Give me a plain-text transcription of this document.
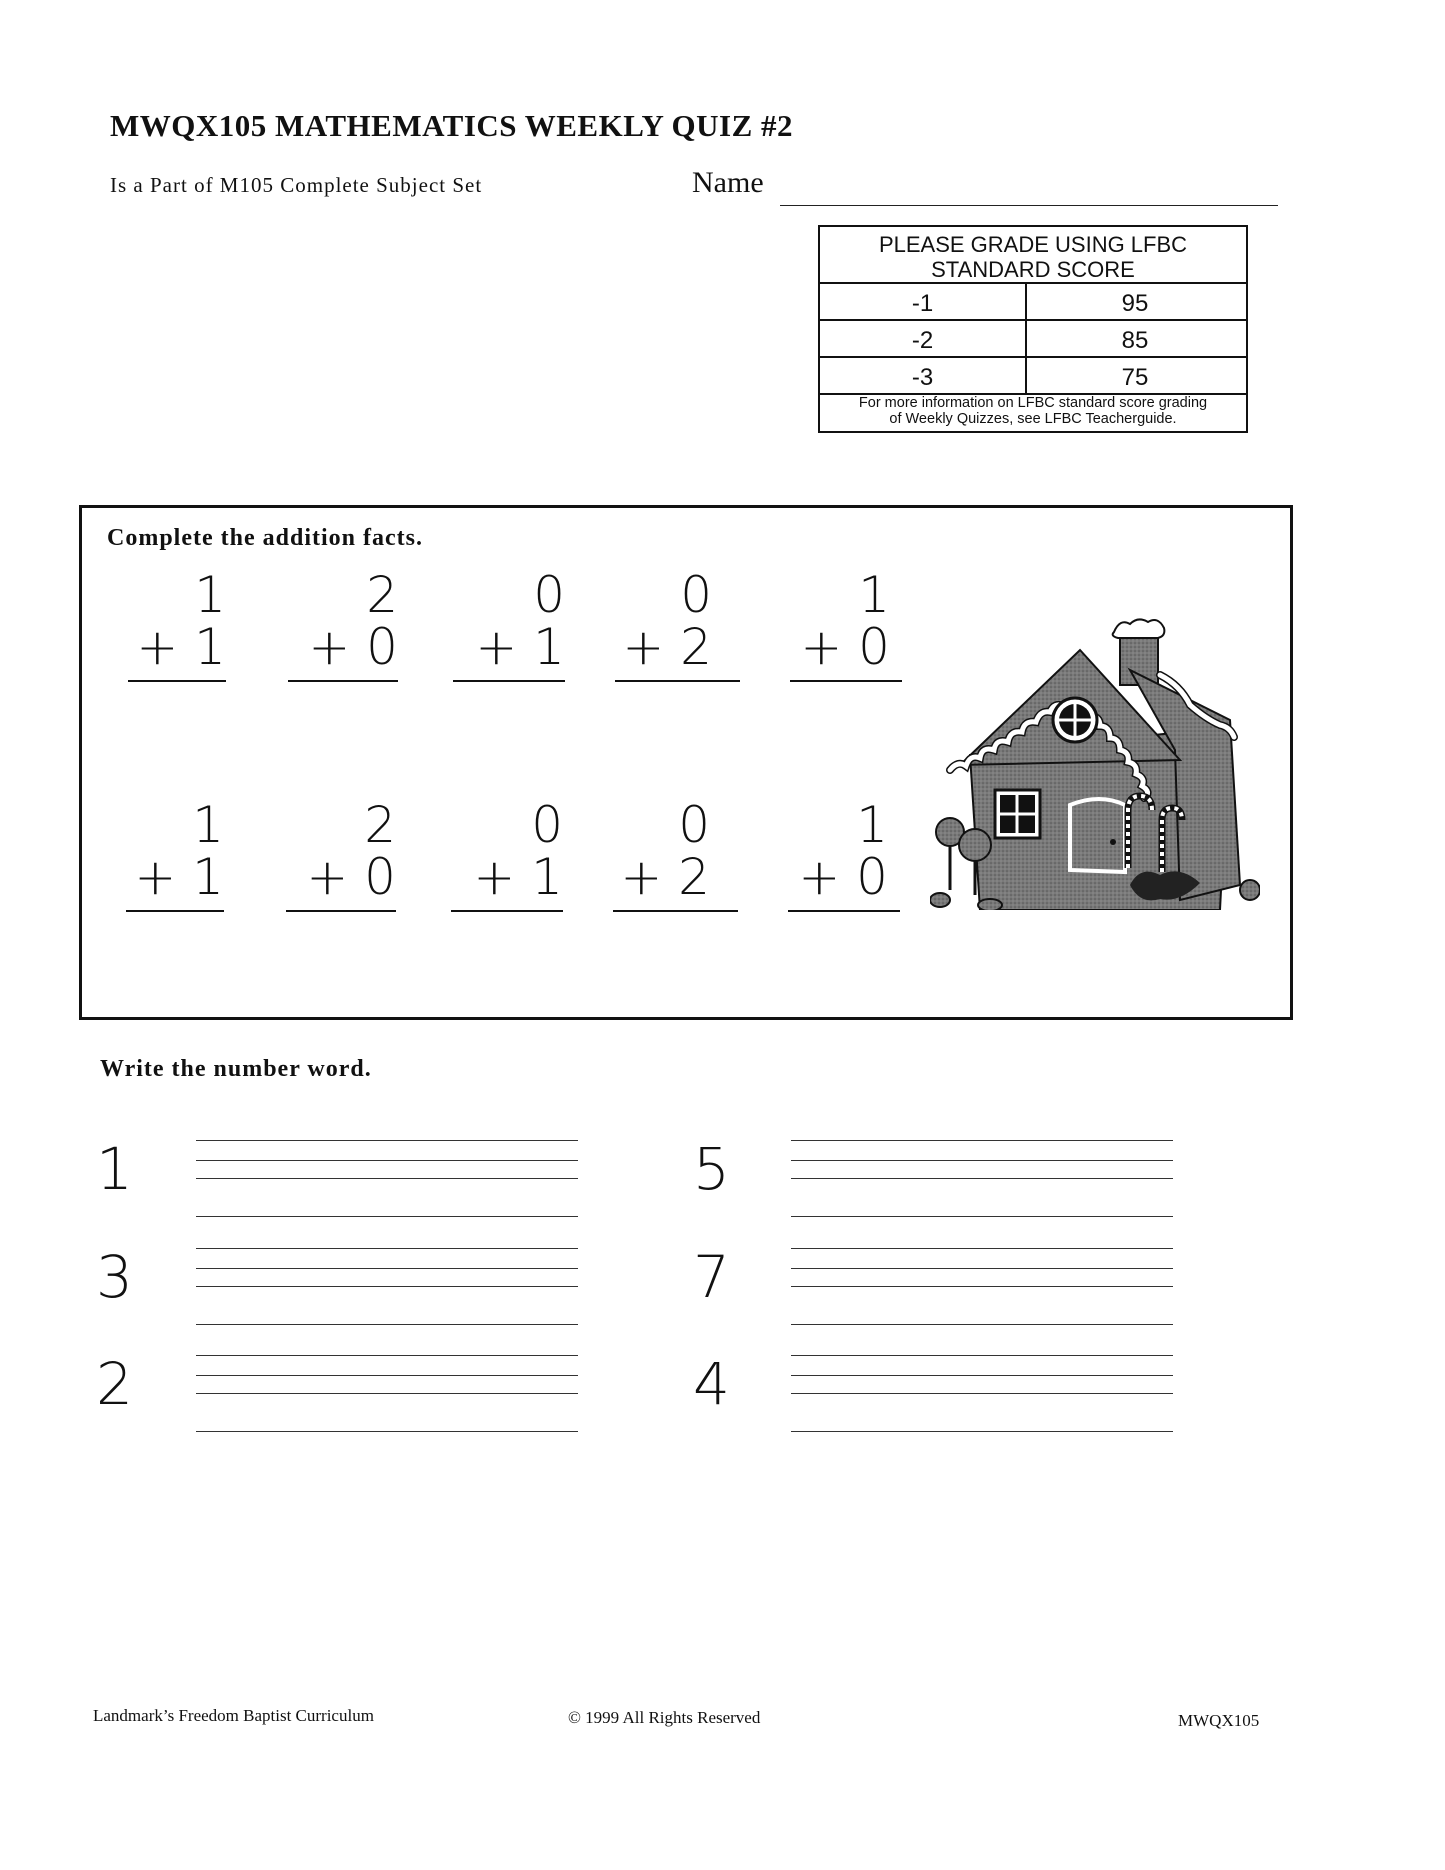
MWQX105 MATHEMATICS WEEKLY QUIZ #2
Is a Part of M105 Complete Subject Set	Name
PLEASE GRADE USING LFBC
STANDARD SCORE
-1	95
-2	85
-3	75
For more information on LFBC standard score grading
of Weekly Quizzes, see LFBC Teacherguide.
Complete the addition facts.
1
+ 1
2
+ 0
0
+ 1
0
+ 2
1
+ 0
1
+ 1
2
+ 0
0
+ 1
0
+ 2
1
+ 0
Write the number word.
1
3
2
5
7
4
Landmark’s Freedom Baptist Curriculum	© 1999 All Rights Reserved	MWQX105
